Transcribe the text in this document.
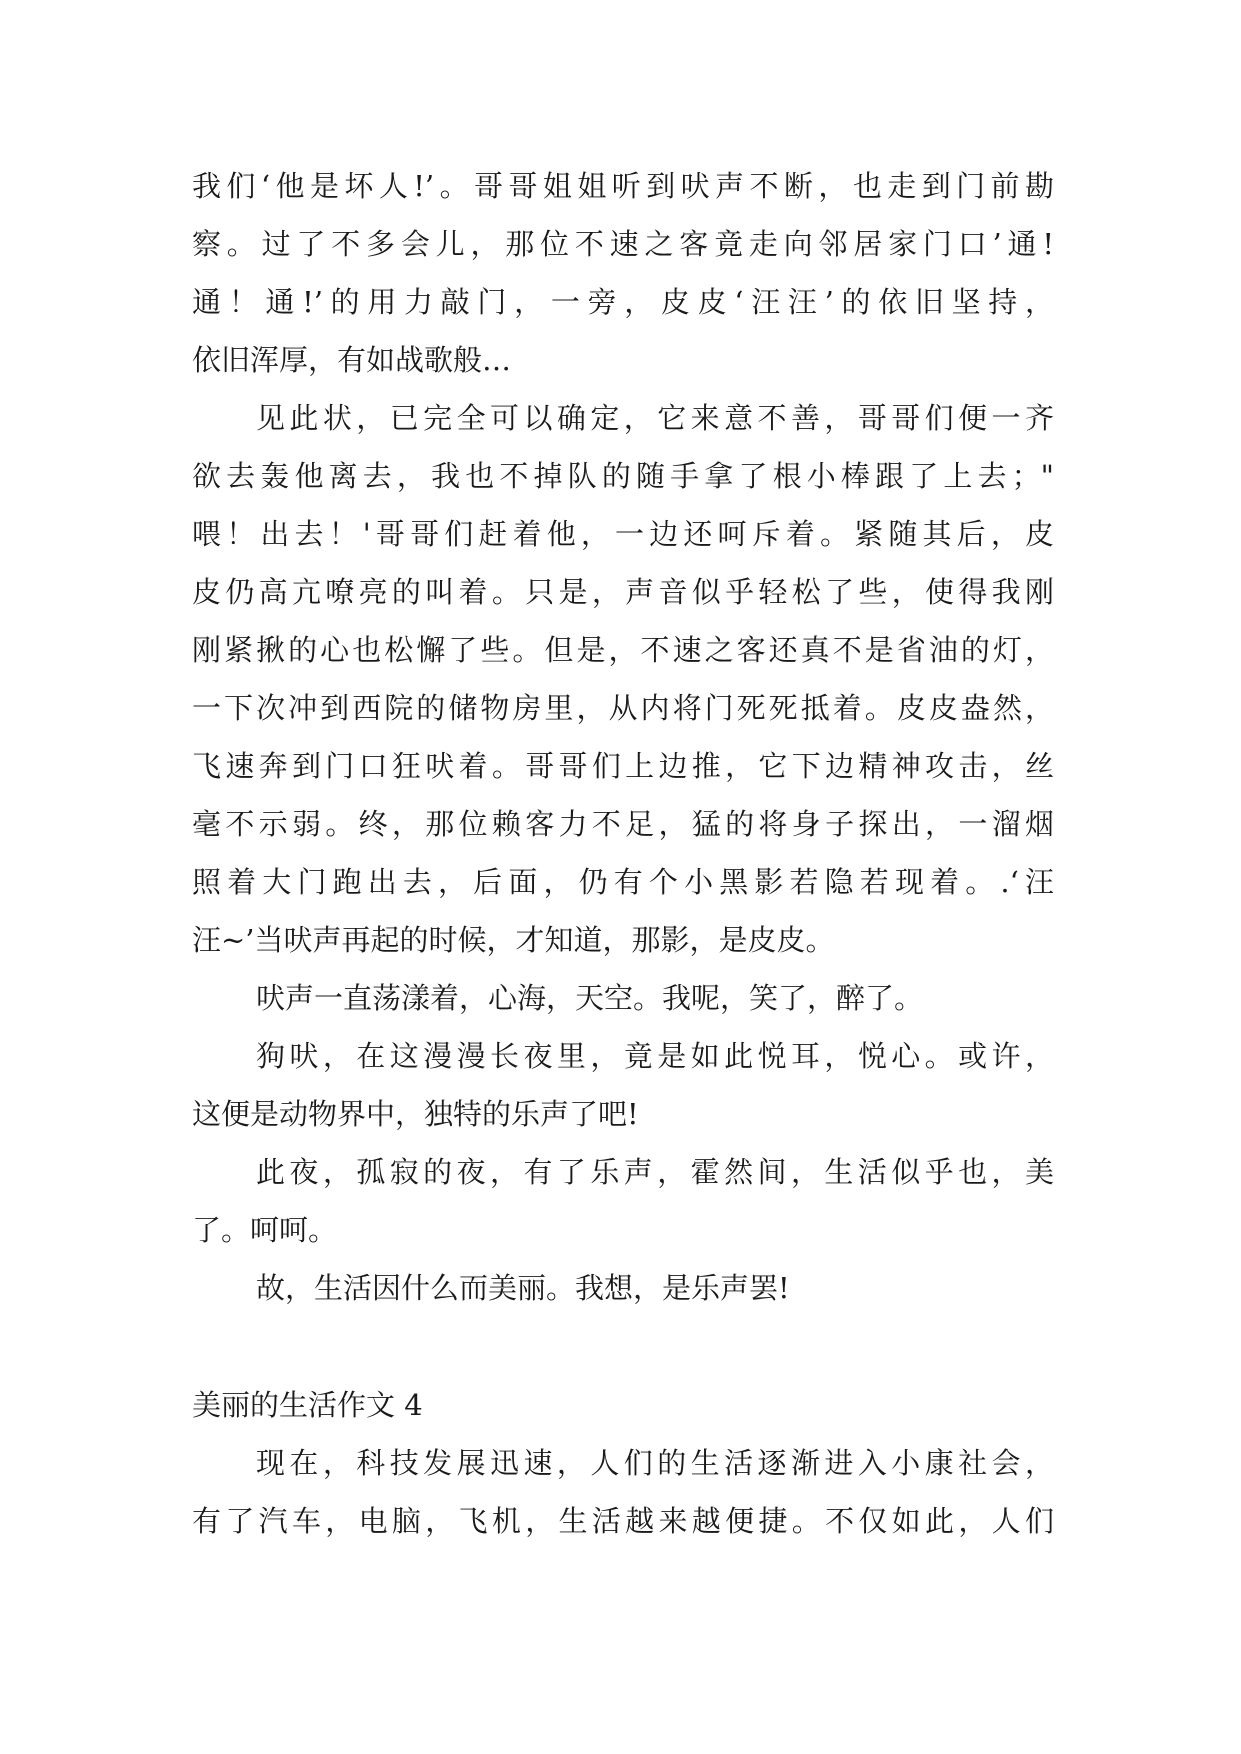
我们‘他是坏人!’。哥哥姐姐听到吠声不断，也走到门前勘

察。过了不多会儿，那位不速之客竟走向邻居家门口’通!

通！通!’的用力敲门，一旁，皮皮‘汪汪’的依旧坚持，

依旧浑厚，有如战歌般…

见此状，已完全可以确定，它来意不善，哥哥们便一齐

欲去轰他离去，我也不掉队的随手拿了根小棒跟了上去；"

喂！出去！'哥哥们赶着他，一边还呵斥着。紧随其后，皮

皮仍高亢嘹亮的叫着。只是，声音似乎轻松了些，使得我刚

刚紧揪的心也松懈了些。但是，不速之客还真不是省油的灯，

一下次冲到西院的储物房里，从内将门死死抵着。皮皮盎然，

飞速奔到门口狂吠着。哥哥们上边推，它下边精神攻击，丝

毫不示弱。终，那位赖客力不足，猛的将身子探出，一溜烟

照着大门跑出去，后面，仍有个小黑影若隐若现着。.‘汪

汪~’当吠声再起的时候，才知道，那影，是皮皮。

吠声一直荡漾着，心海，天空。我呢，笑了，醉了。

狗吠，在这漫漫长夜里，竟是如此悦耳，悦心。或许，

这便是动物界中，独特的乐声了吧!

此夜，孤寂的夜，有了乐声，霍然间，生活似乎也，美

了。呵呵。

故，生活因什么而美丽。我想，是乐声罢!

美丽的生活作文 4

现在，科技发展迅速，人们的生活逐渐进入小康社会，

有了汽车，电脑，飞机，生活越来越便捷。不仅如此，人们
